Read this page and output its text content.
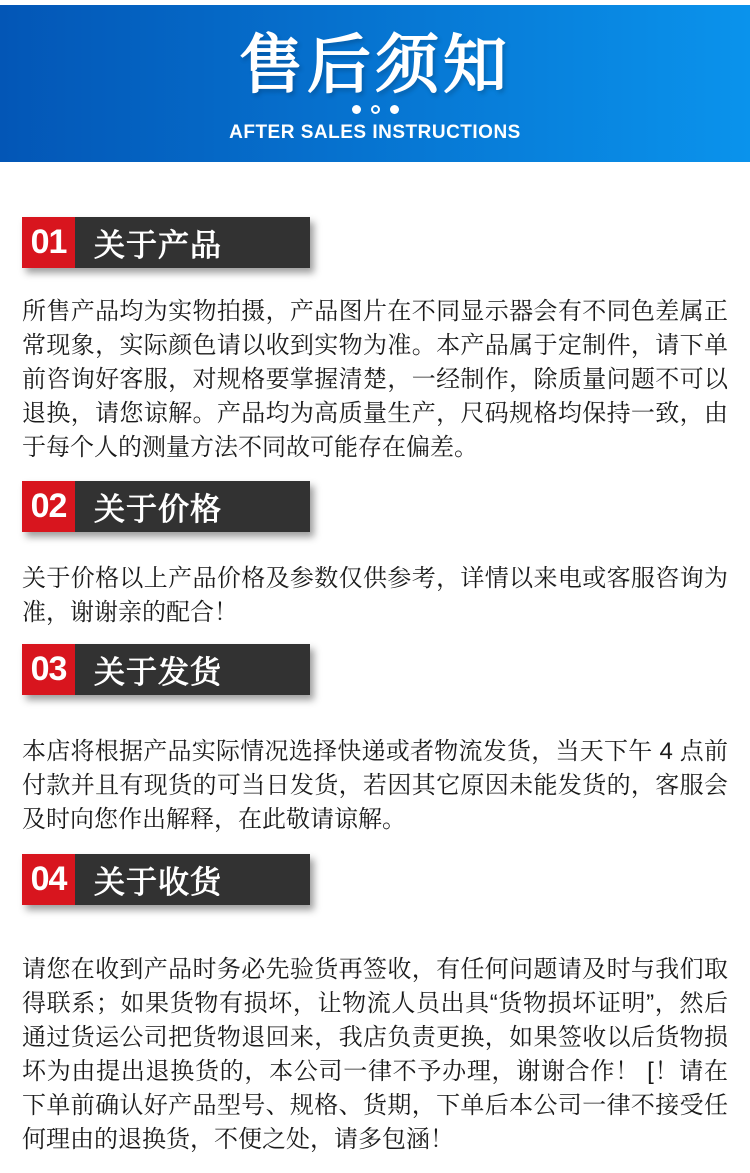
售后须知
AFTER SALES INSTRUCTIONS
01 关于产品
所售产品均为实物拍摄，产品图片在不同显示器会有不同色差属正常现象，实际颜色请以收到实物为准。本产品属于定制件，请下单前咨询好客服，对规格要掌握清楚，一经制作，除质量问题不可以退换，请您谅解。产品均为高质量生产，尺码规格均保持一致，由于每个人的测量方法不同故可能存在偏差。
02 关于价格
关于价格以上产品价格及参数仅供参考，详情以来电或客服咨询为准，谢谢亲的配合！
03 关于发货
本店将根据产品实际情况选择快递或者物流发货，当天下午 4 点前付款并且有现货的可当日发货，若因其它原因未能发货的，客服会及时向您作出解释，在此敬请谅解。
04 关于收货
请您在收到产品时务必先验货再签收，有任何问题请及时与我们取得联系；如果货物有损坏，让物流人员出具“货物损坏证明”，然后通过货运公司把货物退回来，我店负责更换，如果签收以后货物损坏为由提出退换货的，本公司一律不予办理，谢谢合作！ [！请在下单前确认好产品型号、规格、货期，下单后本公司一律不接受任何理由的退换货，不便之处，请多包涵！
